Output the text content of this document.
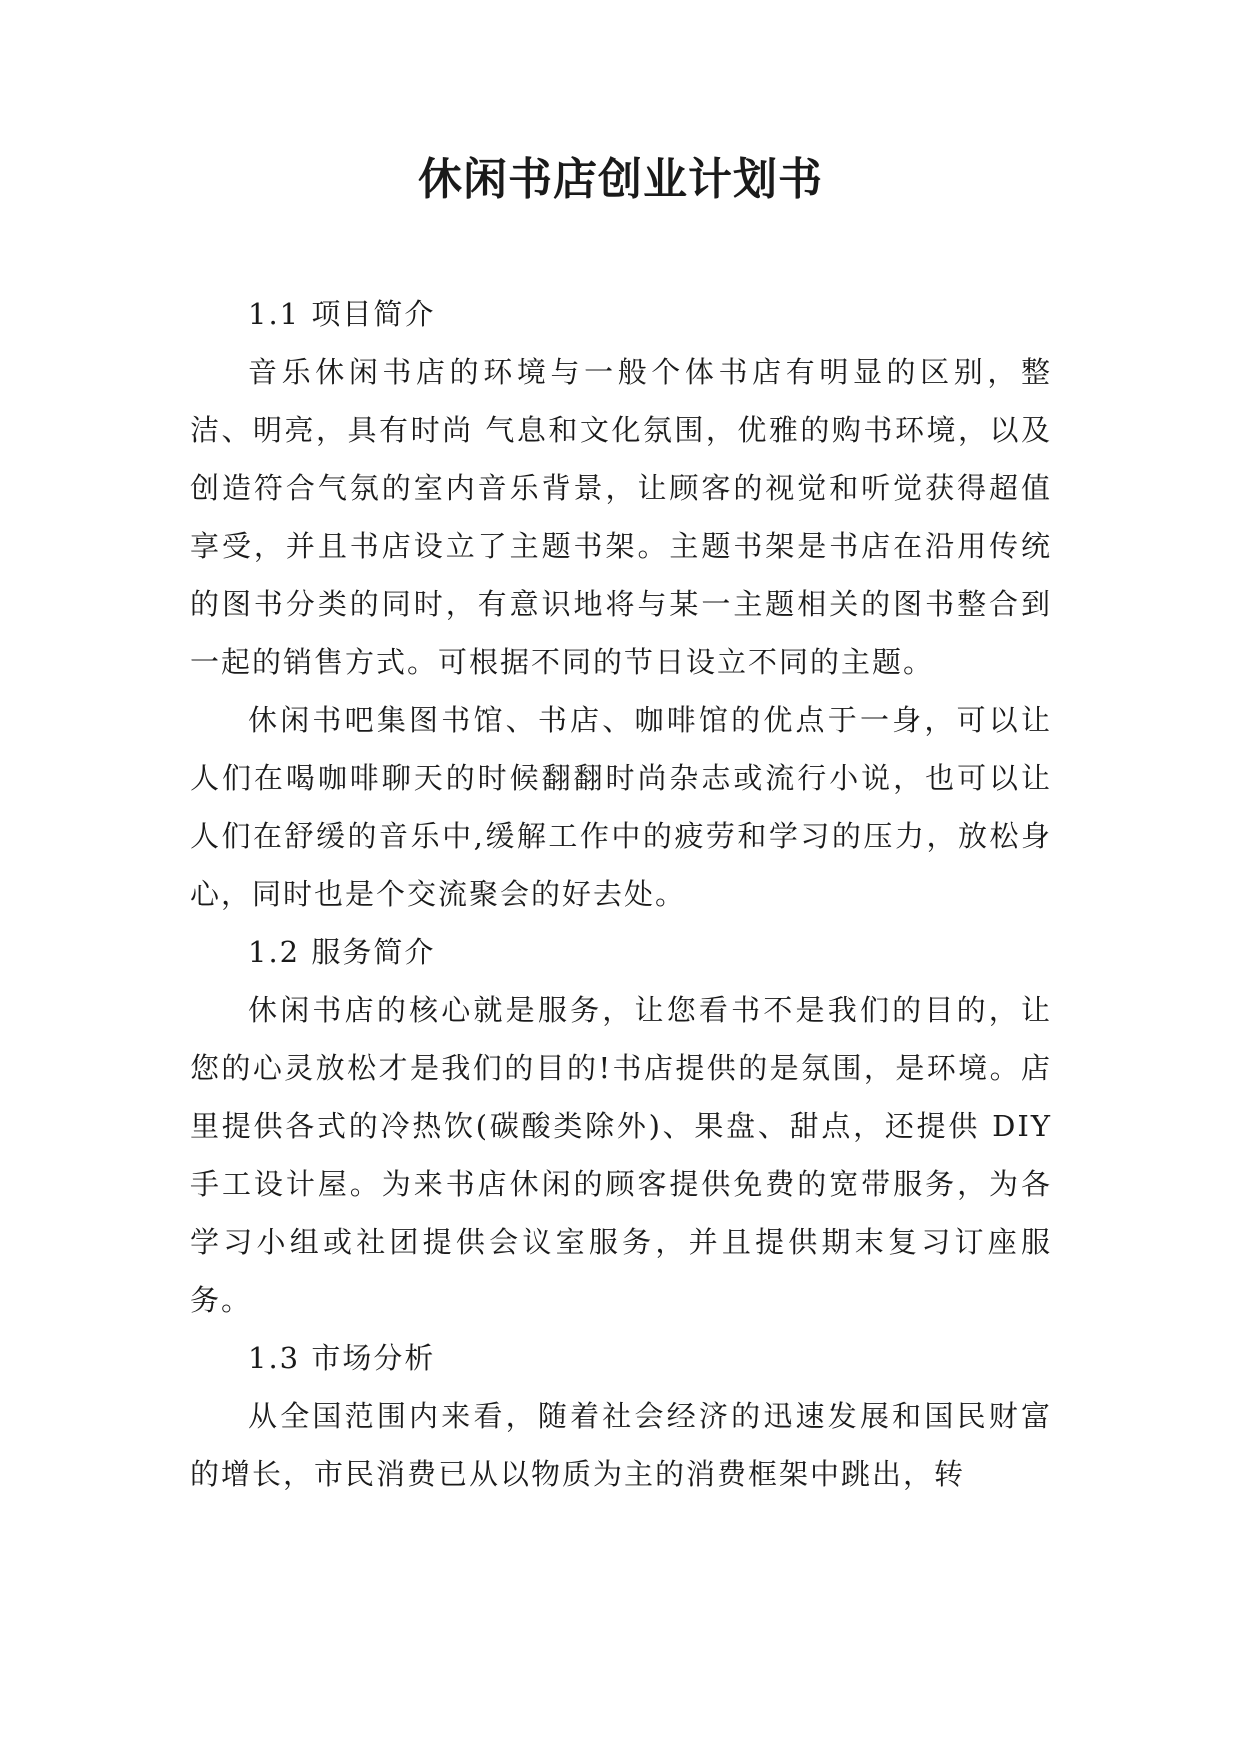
休闲书店创业计划书

1.1 项目简介

音乐休闲书店的环境与一般个体书店有明显的区别，整洁、明亮，具有时尚 气息和文化氛围，优雅的购书环境，以及创造符合气氛的室内音乐背景，让顾客的视觉和听觉获得超值享受，并且书店设立了主题书架。主题书架是书店在沿用传统的图书分类的同时，有意识地将与某一主题相关的图书整合到一起的销售方式。可根据不同的节日设立不同的主题。

休闲书吧集图书馆、书店、咖啡馆的优点于一身，可以让人们在喝咖啡聊天的时候翻翻时尚杂志或流行小说，也可以让人们在舒缓的音乐中,缓解工作中的疲劳和学习的压力，放松身心，同时也是个交流聚会的好去处。

1.2 服务简介

休闲书店的核心就是服务，让您看书不是我们的目的，让您的心灵放松才是我们的目的!书店提供的是氛围，是环境。店里提供各式的冷热饮(碳酸类除外)、果盘、甜点，还提供 DIY 手工设计屋。为来书店休闲的顾客提供免费的宽带服务，为各学习小组或社团提供会议室服务，并且提供期末复习订座服务。

1.3 市场分析

从全国范围内来看，随着社会经济的迅速发展和国民财富的增长，市民消费已从以物质为主的消费框架中跳出，转
